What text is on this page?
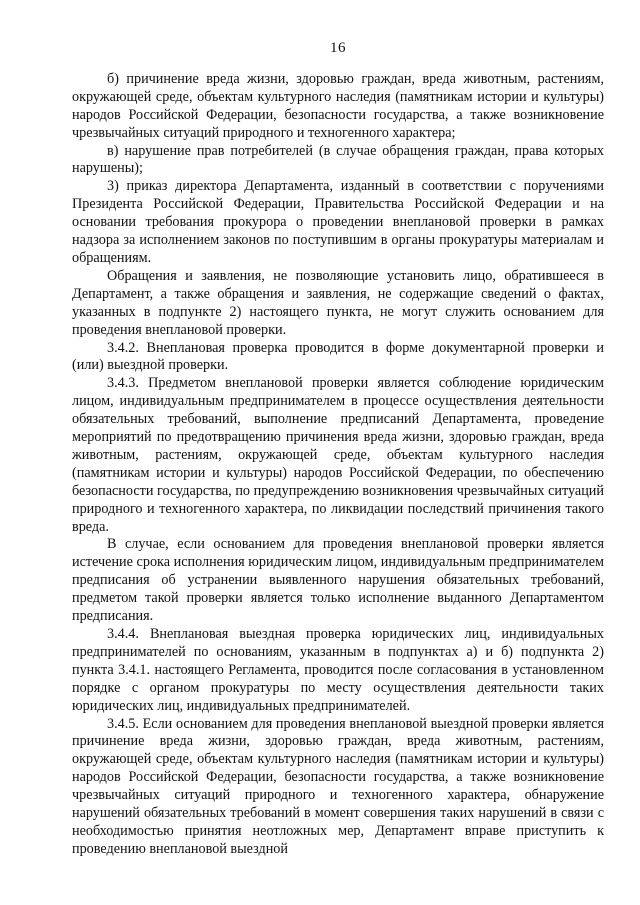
16

б) причинение вреда жизни, здоровью граждан, вреда животным, растениям, окружающей среде, объектам культурного наследия (памятникам истории и культуры) народов Российской Федерации, безопасности государства, а также возникновение чрезвычайных ситуаций природного и техногенного характера;

в) нарушение прав потребителей (в случае обращения граждан, права которых нарушены);

3) приказ директора Департамента, изданный в соответствии с поручениями Президента Российской Федерации, Правительства Российской Федерации и на основании требования прокурора о проведении внеплановой проверки в рамках надзора за исполнением законов по поступившим в органы прокуратуры материалам и обращениям.

Обращения и заявления, не позволяющие установить лицо, обратившееся в Департамент, а также обращения и заявления, не содержащие сведений о фактах, указанных в подпункте 2) настоящего пункта, не могут служить основанием для проведения внеплановой проверки.

3.4.2. Внеплановая проверка проводится в форме документарной проверки и (или) выездной проверки.

3.4.3. Предметом внеплановой проверки является соблюдение юридическим лицом, индивидуальным предпринимателем в процессе осуществления деятельности обязательных требований, выполнение предписаний Департамента, проведение мероприятий по предотвращению причинения вреда жизни, здоровью граждан, вреда животным, растениям, окружающей среде, объектам культурного наследия (памятникам истории и культуры) народов Российской Федерации, по обеспечению безопасности государства, по предупреждению возникновения чрезвычайных ситуаций природного и техногенного характера, по ликвидации последствий причинения такого вреда.

В случае, если основанием для проведения внеплановой проверки является истечение срока исполнения юридическим лицом, индивидуальным предпринимателем предписания об устранении выявленного нарушения обязательных требований, предметом такой проверки является только исполнение выданного Департаментом предписания.

3.4.4. Внеплановая выездная проверка юридических лиц, индивидуальных предпринимателей по основаниям, указанным в подпунктах а) и б) подпункта 2) пункта 3.4.1. настоящего Регламента, проводится после согласования в установленном порядке с органом прокуратуры по месту осуществления деятельности таких юридических лиц, индивидуальных предпринимателей.

3.4.5. Если основанием для проведения внеплановой выездной проверки является причинение вреда жизни, здоровью граждан, вреда животным, растениям, окружающей среде, объектам культурного наследия (памятникам истории и культуры) народов Российской Федерации, безопасности государства, а также возникновение чрезвычайных ситуаций природного и техногенного характера, обнаружение нарушений обязательных требований в момент совершения таких нарушений в связи с необходимостью принятия неотложных мер, Департамент вправе приступить к проведению внеплановой выездной
